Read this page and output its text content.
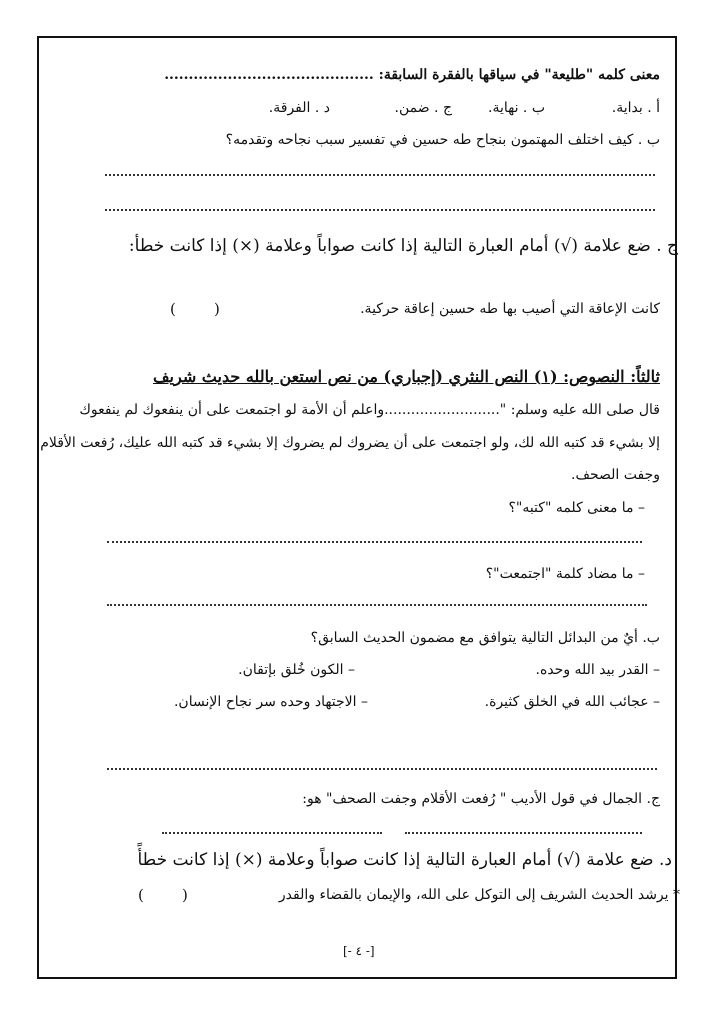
معنى كلمه "طليعة" في سياقها بالفقرة السابقة: ...........................................
أ . بداية.
ب . نهاية.
ج . ضمن.
د . الفرقة.
ب . كيف اختلف المهتمون بنجاح طه حسين في تفسير سبب نجاحه وتقدمه؟
ج . ضع علامة (√) أمام العبارة التالية إذا كانت صواباً وعلامة (×) إذا كانت خطأ:
كانت الإعاقة التي أصيب بها طه حسين إعاقة حركية.
(        )
ثالثاً: النصوص: (١) النص النثري (إجباري) من نص استعن بالله حديث شريف
قال صلى الله عليه وسلم: "..........................واعلم أن الأمة لو اجتمعت على أن ينفعوك لم ينفعوك
إلا بشيء قد كتبه الله لك، ولو اجتمعت على أن يضروك لم يضروك إلا بشيء قد كتبه الله عليك، رُفعت الأقلام
وجفت الصحف.
– ما معنى كلمه "كتبه"؟
– ما مضاد كلمة "اجتمعت"؟
ب. أيٌ من البدائل التالية يتوافق مع مضمون الحديث السابق؟
– القدر بيد الله وحده.
– الكون خُلق بإتقان.
– عجائب الله في الخلق كثيرة.
– الاجتهاد وحده سر نجاح الإنسان.
ج. الجمال في قول الأديب " رُفعت الأقلام وجفت الصحف" هو:
د. ضع علامة (√) أمام العبارة التالية إذا كانت صواباً وعلامة (×) إذا كانت خطأً
* يرشد الحديث الشريف إلى التوكل على الله، والإيمان بالقضاء والقدر
(        )
[- ٤ -]
